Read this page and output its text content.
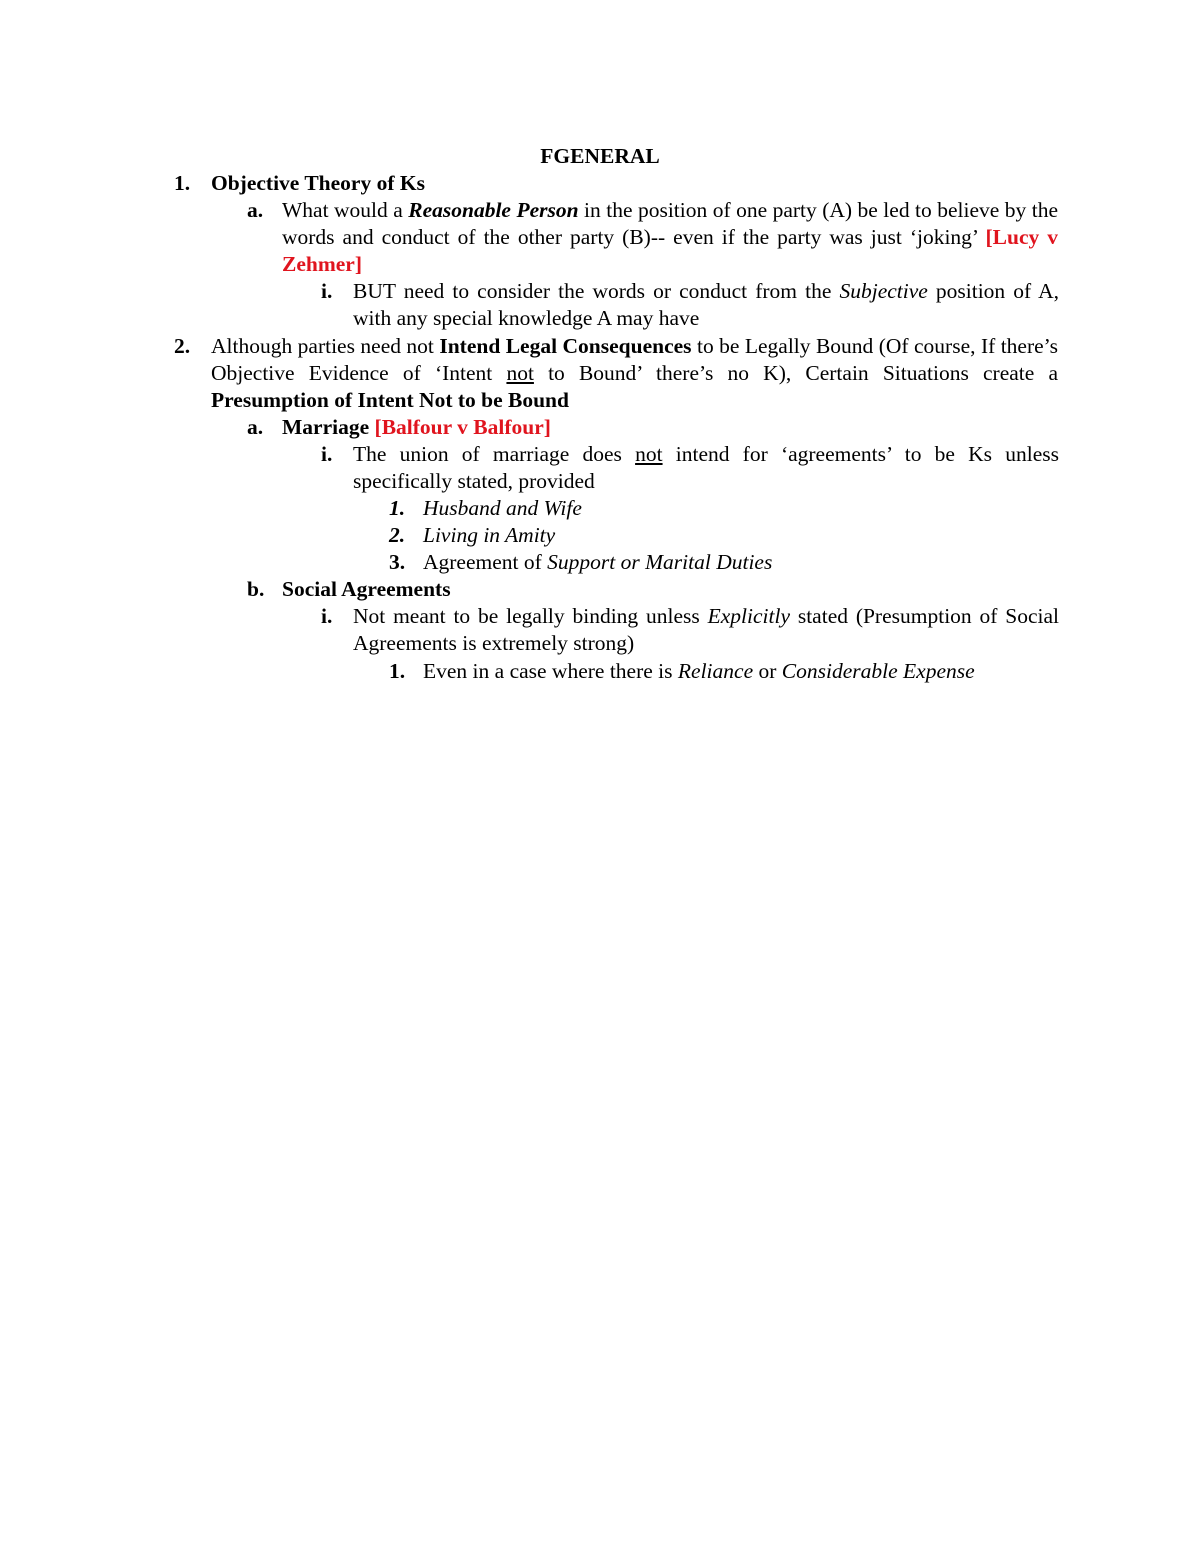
FGENERAL
1. Objective Theory of Ks
a. What would a Reasonable Person in the position of one party (A) be led to believe by the words and conduct of the other party (B)-- even if the party was just ‘joking’ [Lucy v Zehmer]
i. BUT need to consider the words or conduct from the Subjective position of A, with any special knowledge A may have
2. Although parties need not Intend Legal Consequences to be Legally Bound (Of course, If there’s Objective Evidence of ‘Intent not to Bound’ there’s no K), Certain Situations create a Presumption of Intent Not to be Bound
a. Marriage [Balfour v Balfour]
i. The union of marriage does not intend for ‘agreements’ to be Ks unless specifically stated, provided
1. Husband and Wife
2. Living in Amity
3. Agreement of Support or Marital Duties
b. Social Agreements
i. Not meant to be legally binding unless Explicitly stated (Presumption of Social Agreements is extremely strong)
1. Even in a case where there is Reliance or Considerable Expense
